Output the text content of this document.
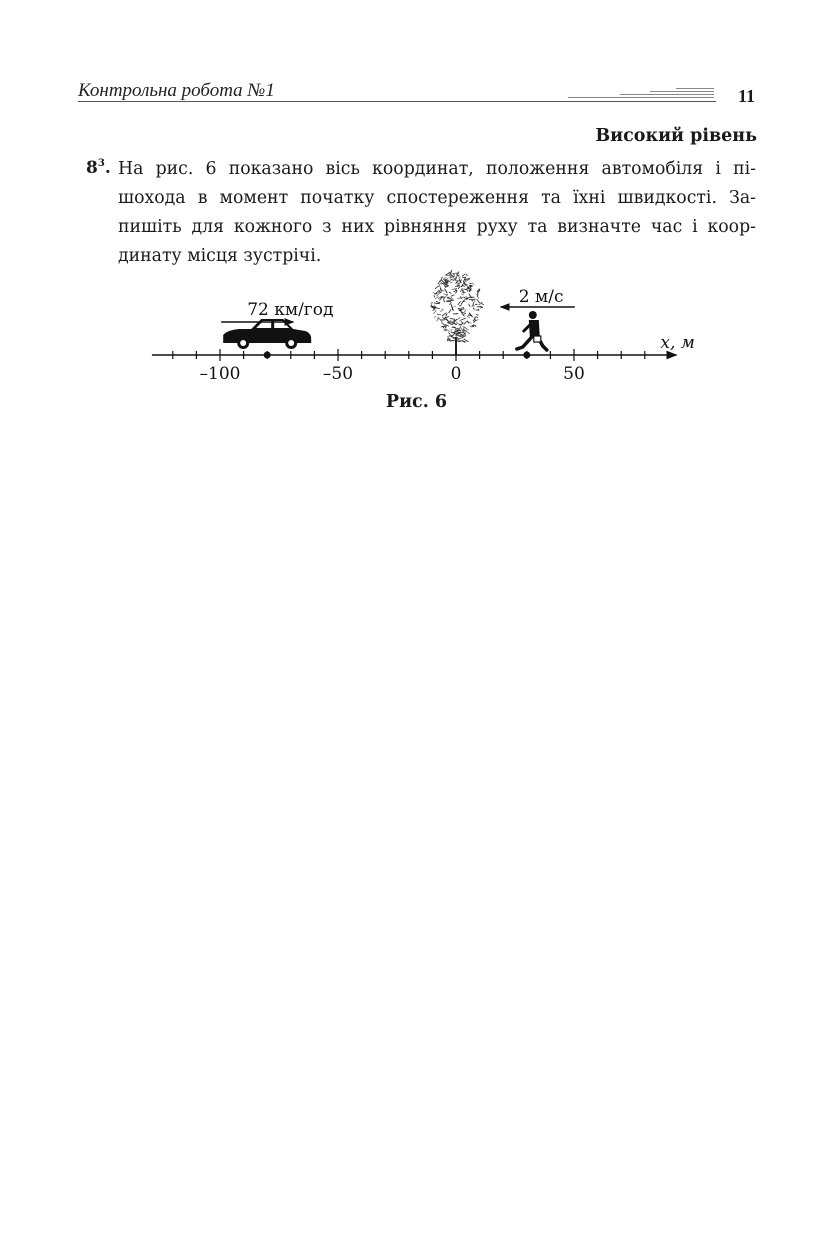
Контрольна робота №1	11
Високий рівень
$8^3$. На рис. 6 показано вісь координат, положення автомобіля і пішохода в момент початку спостереження та їхні швидкості. Запишіть для кожного з них рівняння руху та визначте час і координату місця зустрічі.
72 км/год
2 м/с
–100	–50	0	50
x, м
Рис. 6
